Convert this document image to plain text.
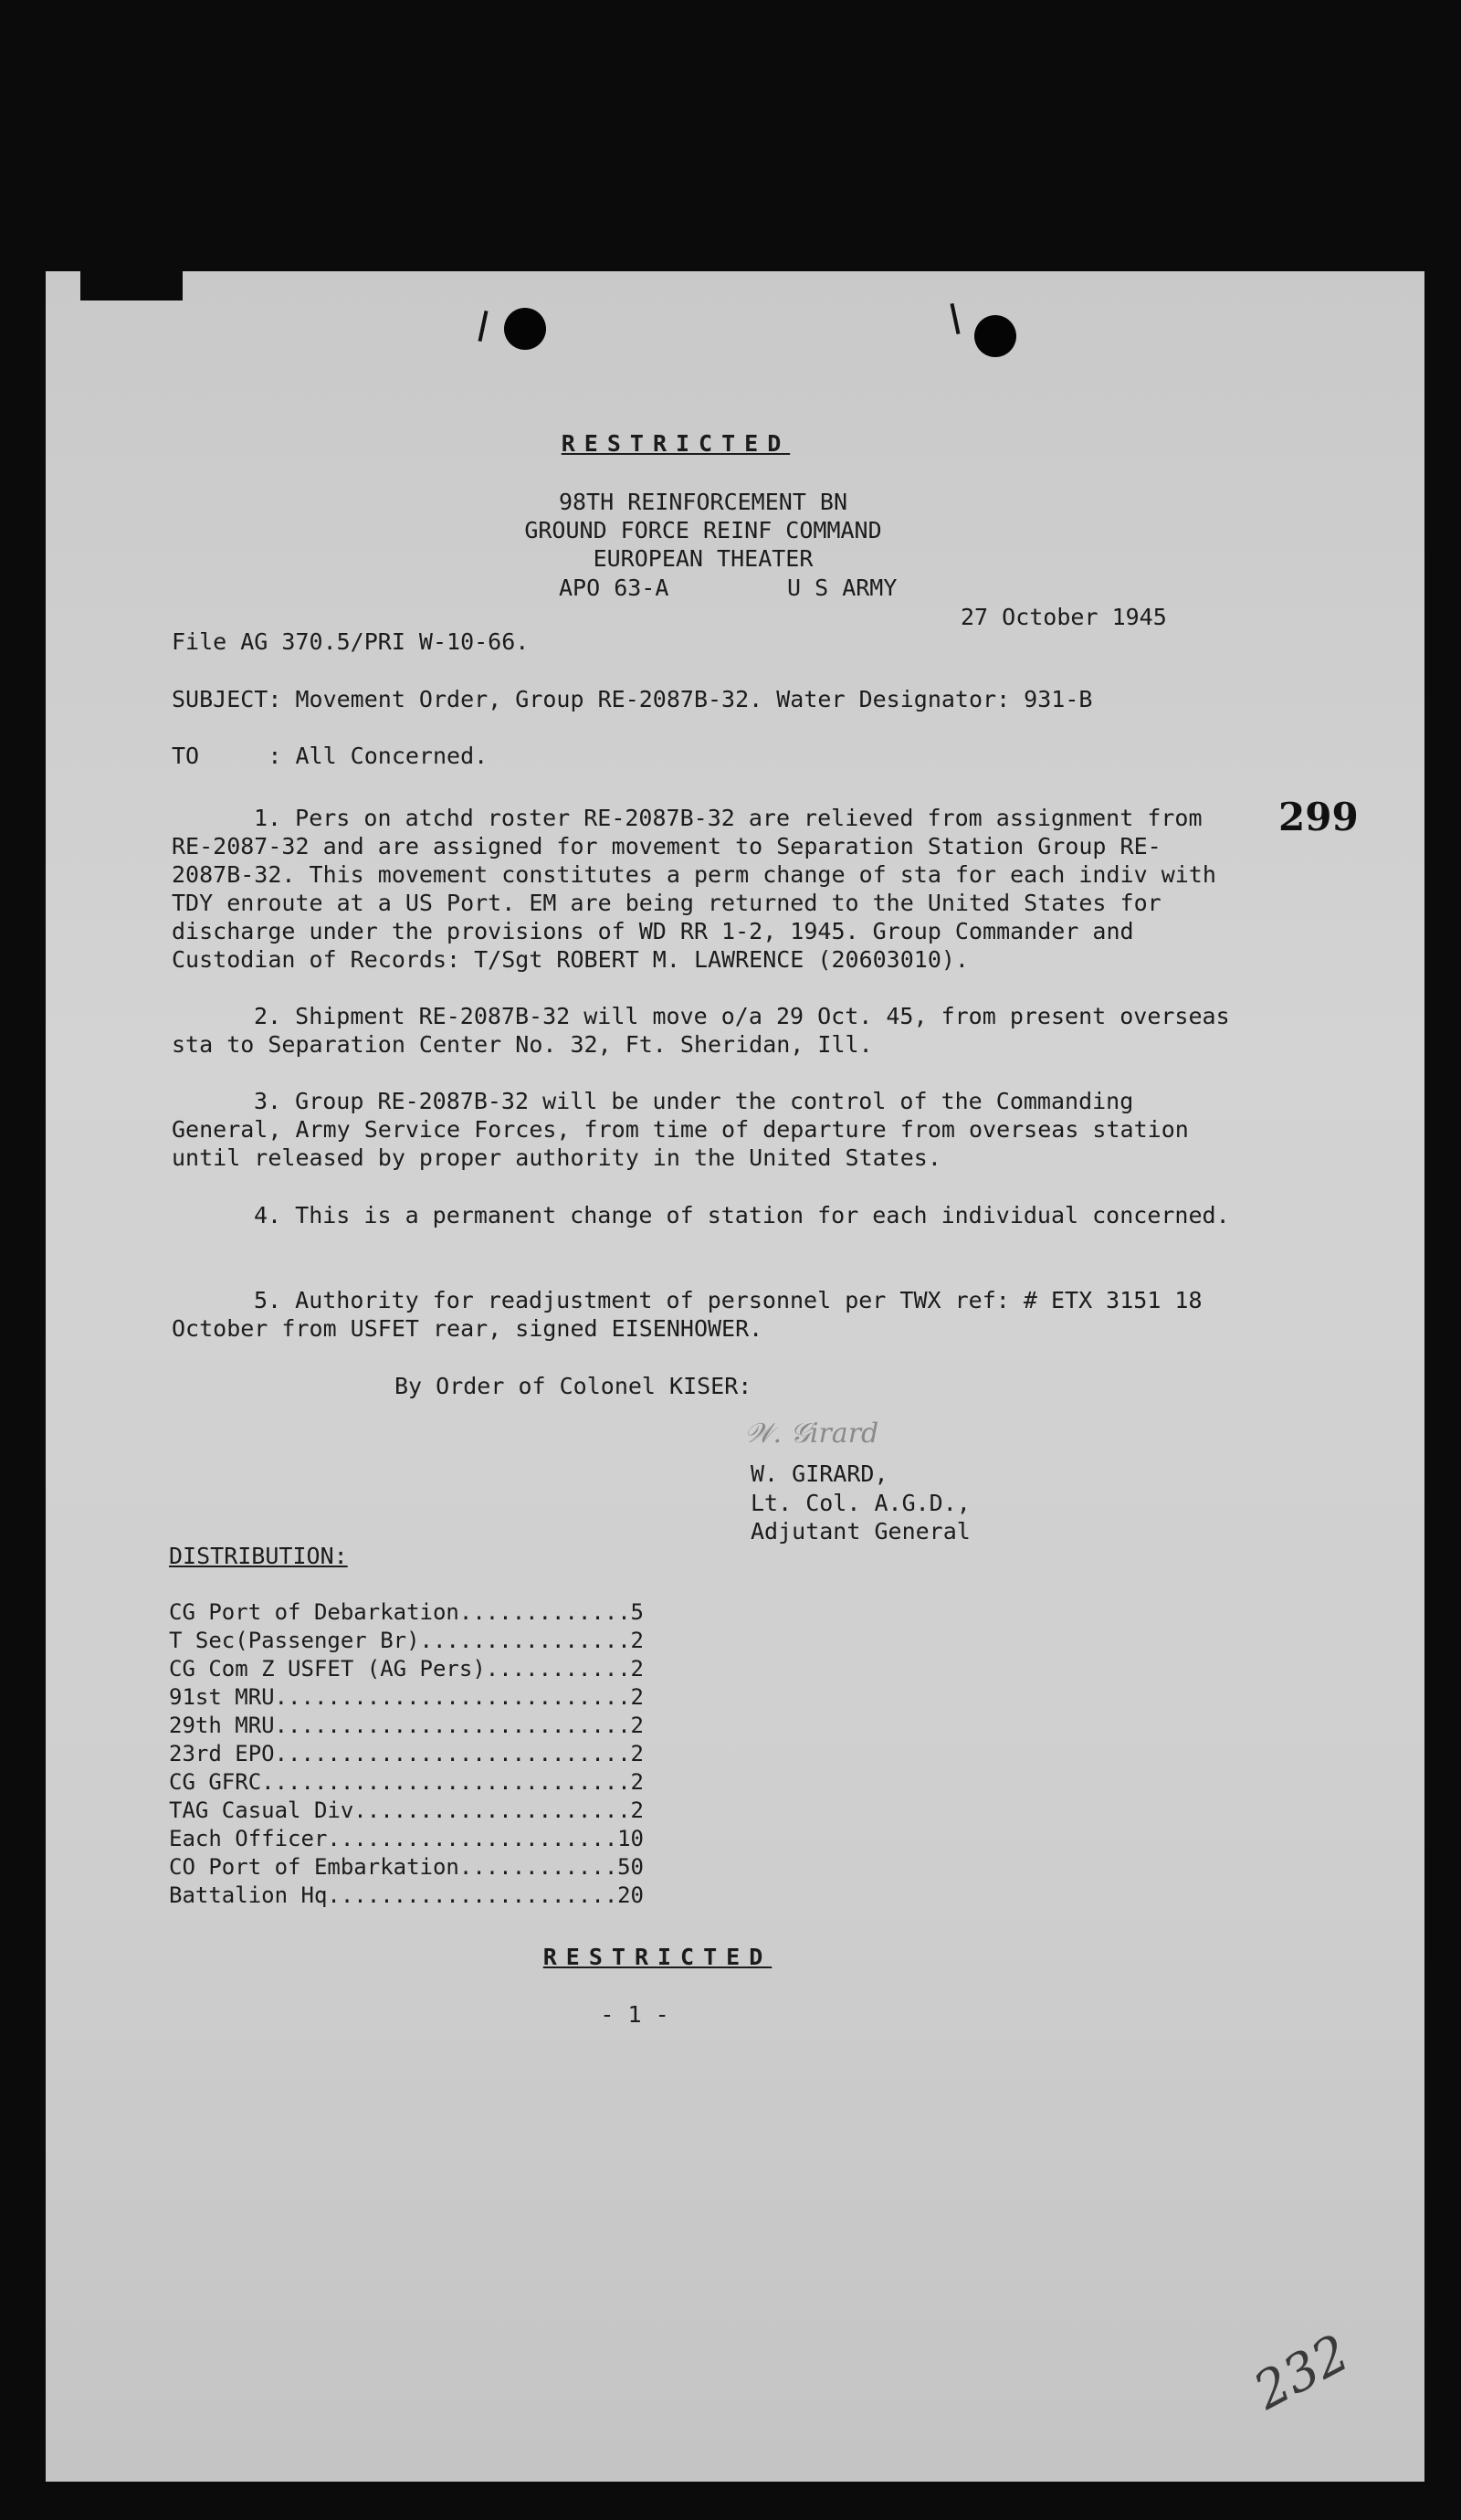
RESTRICTED
98TH REINFORCEMENT BN
GROUND FORCE REINF COMMAND
EUROPEAN THEATER
APO 63-A	U S ARMY
27 October 1945
File AG 370.5/PRI W-10-66.
SUBJECT: Movement Order, Group RE-2087B-32. Water Designator: 931-B
TO     : All Concerned.
299
1. Pers on atchd roster RE-2087B-32 are relieved from assignment from RE-2087-32 and are assigned for movement to Separation Station Group RE-2087B-32. This movement constitutes a perm change of sta for each indiv with TDY enroute at a US Port. EM are being returned to the United States for discharge under the provisions of WD RR 1-2, 1945. Group Commander and Custodian of Records: T/Sgt ROBERT M. LAWRENCE (20603010).
2. Shipment RE-2087B-32 will move o/a 29 Oct. 45, from present overseas sta to Separation Center No. 32, Ft. Sheridan, Ill.
3. Group RE-2087B-32 will be under the control of the Commanding General, Army Service Forces, from time of departure from overseas station until released by proper authority in the United States.
4. This is a permanent change of station for each individual concerned.
5. Authority for readjustment of personnel per TWX ref: # ETX 3151 18 October from USFET rear, signed EISENHOWER.
By Order of Colonel KISER:
𝒲. 𝒢irard
W. GIRARD,
Lt. Col. A.G.D.,
Adjutant General
DISTRIBUTION:
CG Port of Debarkation .....	5
T Sec(Passenger Br) .....	2
CG Com Z USFET (AG Pers) .....	2
91st MRU .....	2
29th MRU .....	2
23rd EPO .....	2
CG GFRC .....	2
TAG Casual Div .....	2
Each Officer .....	10
CO Port of Embarkation .....	50
Battalion Hq .....	20
RESTRICTED
- 1 -
232
